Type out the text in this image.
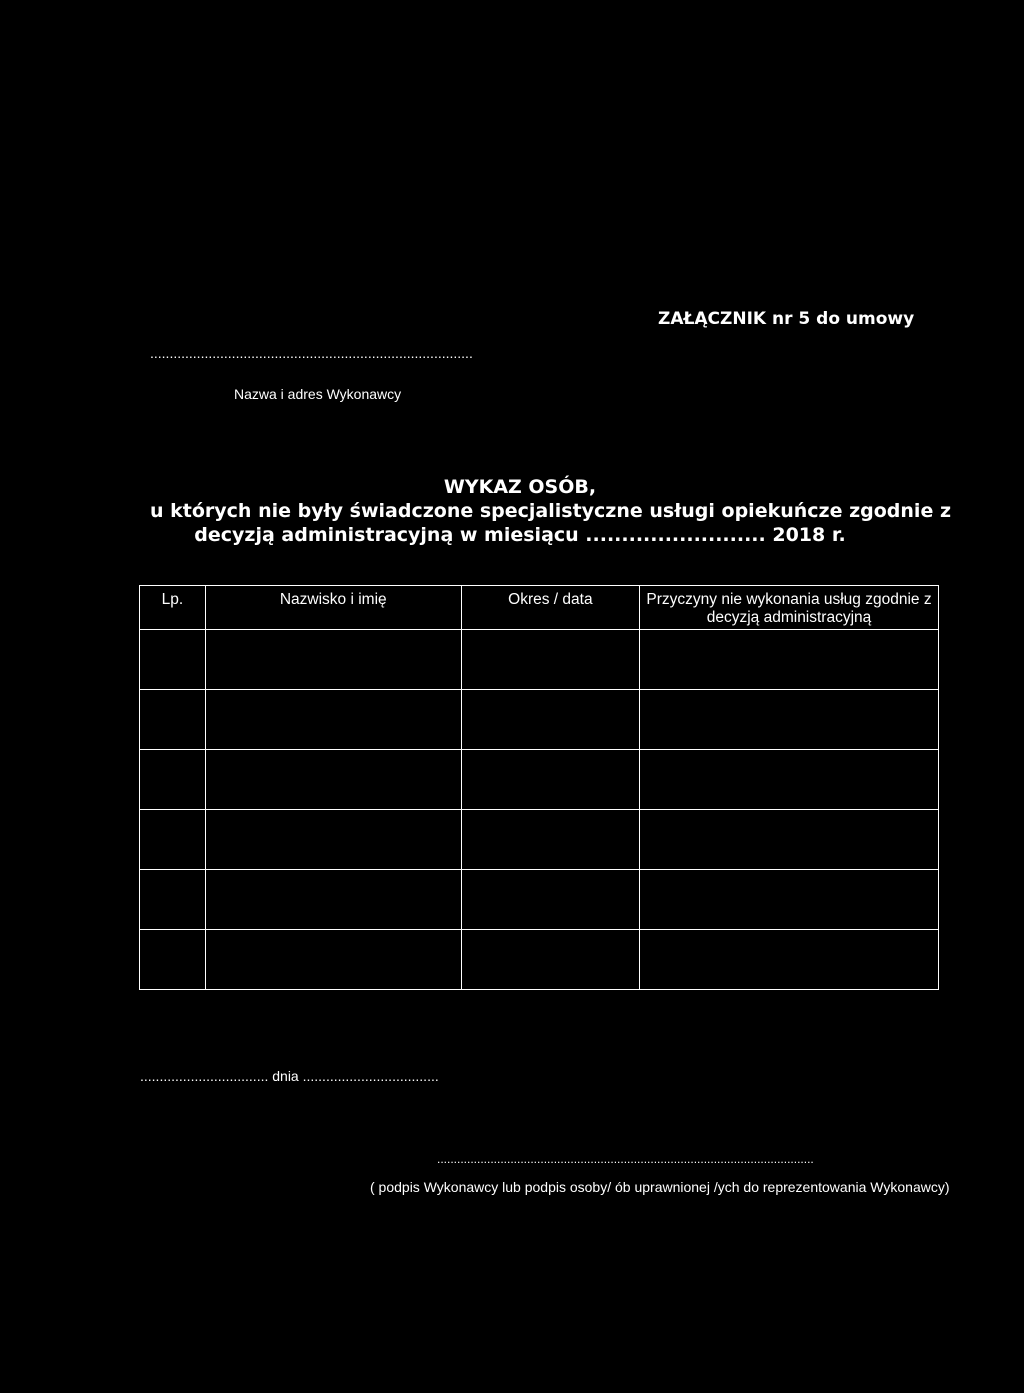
ZAŁĄCZNIK nr 5 do umowy
...................................................................................
Nazwa i adres Wykonawcy
WYKAZ OSÓB,
u których nie były świadczone specjalistyczne usługi opiekuńcze zgodnie z
decyzją administracyjną w miesiącu ......................... 2018 r.
Lp.	Nazwisko i imię	Okres / data	Przyczyny nie wykonania usług zgodnie z decyzją administracyjną

................................. dnia ...................................
.................................................................................................................
( podpis Wykonawcy lub podpis osoby/ ób uprawnionej /ych do reprezentowania Wykonawcy)
